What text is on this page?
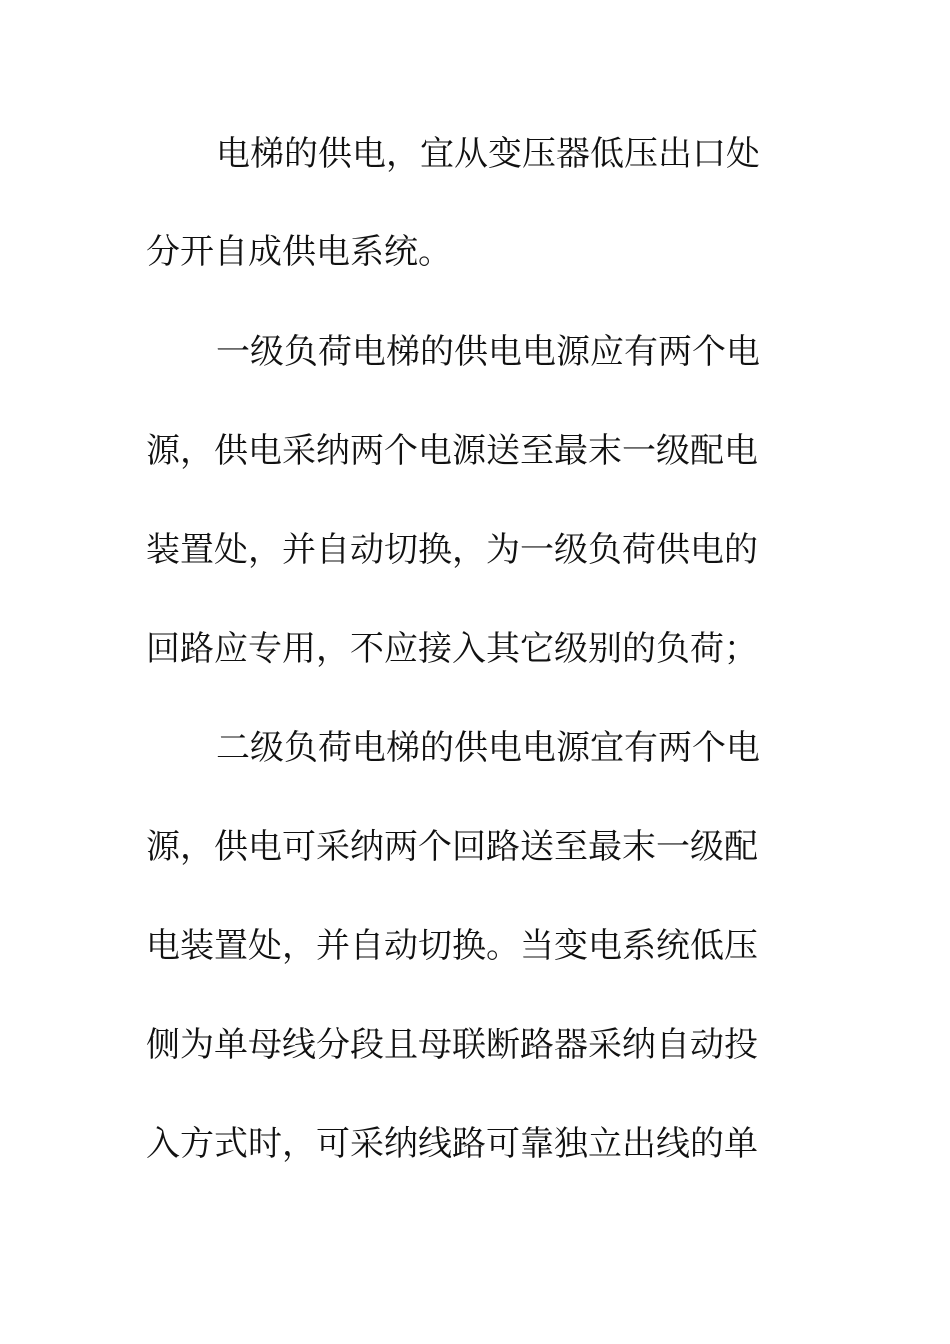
电梯的供电，宜从变压器低压出口处
分开自成供电系统。
一级负荷电梯的供电电源应有两个电
源，供电采纳两个电源送至最末一级配电
装置处，并自动切换，为一级负荷供电的
回路应专用，不应接入其它级别的负荷；
二级负荷电梯的供电电源宜有两个电
源，供电可采纳两个回路送至最末一级配
电装置处，并自动切换。当变电系统低压
侧为单母线分段且母联断路器采纳自动投
入方式时，可采纳线路可靠独立出线的单
